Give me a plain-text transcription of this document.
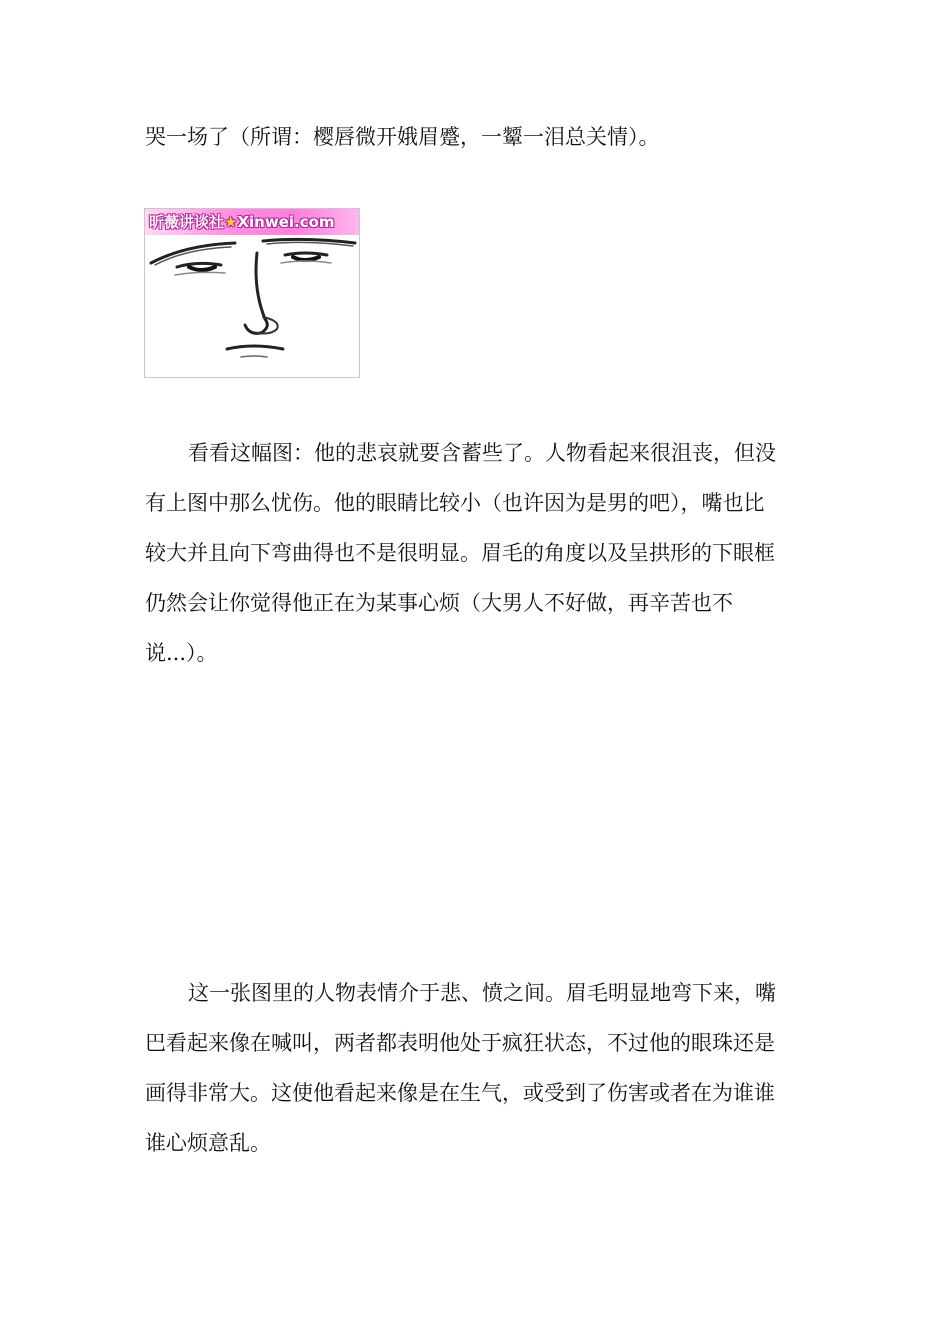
哭一场了（所谓：樱唇微开娥眉蹙，一颦一泪总关情）。
昕薇讲谈社★Xinwei.com
看看这幅图：他的悲哀就要含蓄些了。人物看起来很沮丧，但没
有上图中那么忧伤。他的眼睛比较小（也许因为是男的吧），嘴也比
较大并且向下弯曲得也不是很明显。眉毛的角度以及呈拱形的下眼框
仍然会让你觉得他正在为某事心烦（大男人不好做，再辛苦也不
说...）。
这一张图里的人物表情介于悲、愤之间。眉毛明显地弯下来，嘴
巴看起来像在喊叫，两者都表明他处于疯狂状态，不过他的眼珠还是
画得非常大。这使他看起来像是在生气，或受到了伤害或者在为谁谁
谁心烦意乱。
